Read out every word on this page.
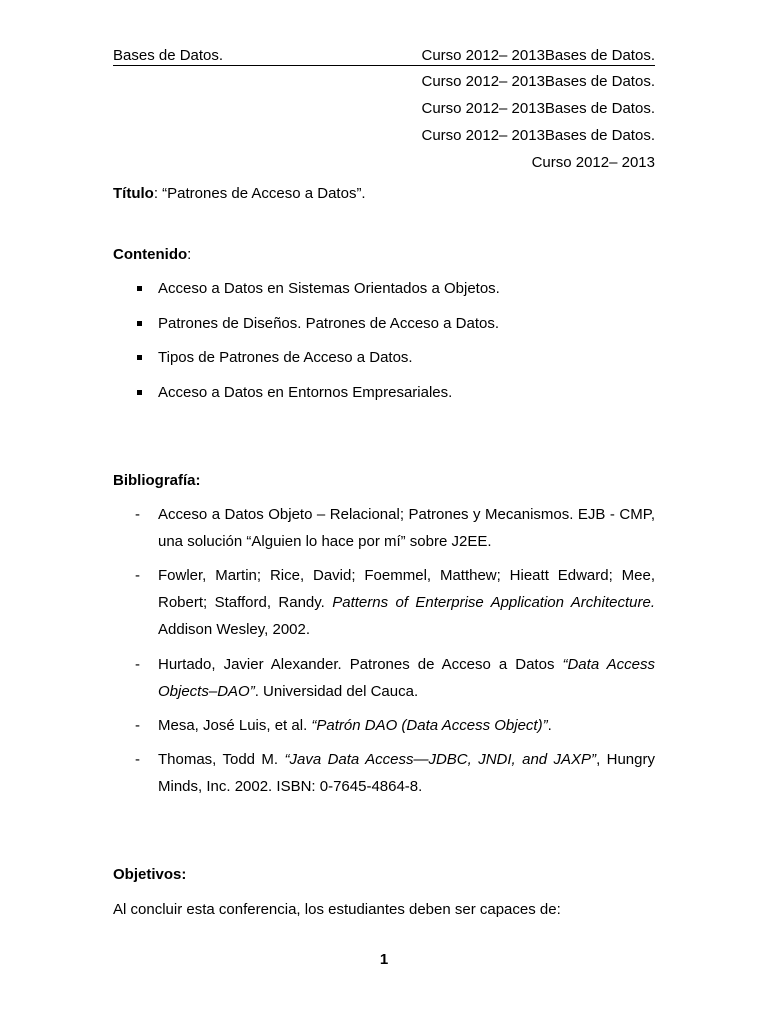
Bases de Datos.	Curso 2012– 2013Bases de Datos.
Curso 2012– 2013Bases de Datos.
Curso 2012– 2013Bases de Datos.
Curso 2012– 2013Bases de Datos.
Curso 2012– 2013
Título: “Patrones de Acceso a Datos”.
Contenido:
Acceso a Datos en Sistemas Orientados a Objetos.
Patrones de Diseños. Patrones de Acceso a Datos.
Tipos de Patrones de Acceso a Datos.
Acceso a Datos en Entornos Empresariales.
Bibliografía:
- Acceso a Datos Objeto – Relacional; Patrones y Mecanismos. EJB - CMP, una solución “Alguien lo hace por mí” sobre J2EE.
- Fowler, Martin; Rice, David; Foemmel, Matthew; Hieatt Edward; Mee, Robert; Stafford, Randy. Patterns of Enterprise Application Architecture. Addison Wesley, 2002.
- Hurtado, Javier Alexander. Patrones de Acceso a Datos “Data Access Objects–DAO”. Universidad del Cauca.
- Mesa, José Luis, et al. “Patrón DAO (Data Access Object)”.
- Thomas, Todd M. “Java Data Access—JDBC, JNDI, and JAXP”, Hungry Minds, Inc. 2002. ISBN: 0-7645-4864-8.
Objetivos:
Al concluir esta conferencia, los estudiantes deben ser capaces de:
1
